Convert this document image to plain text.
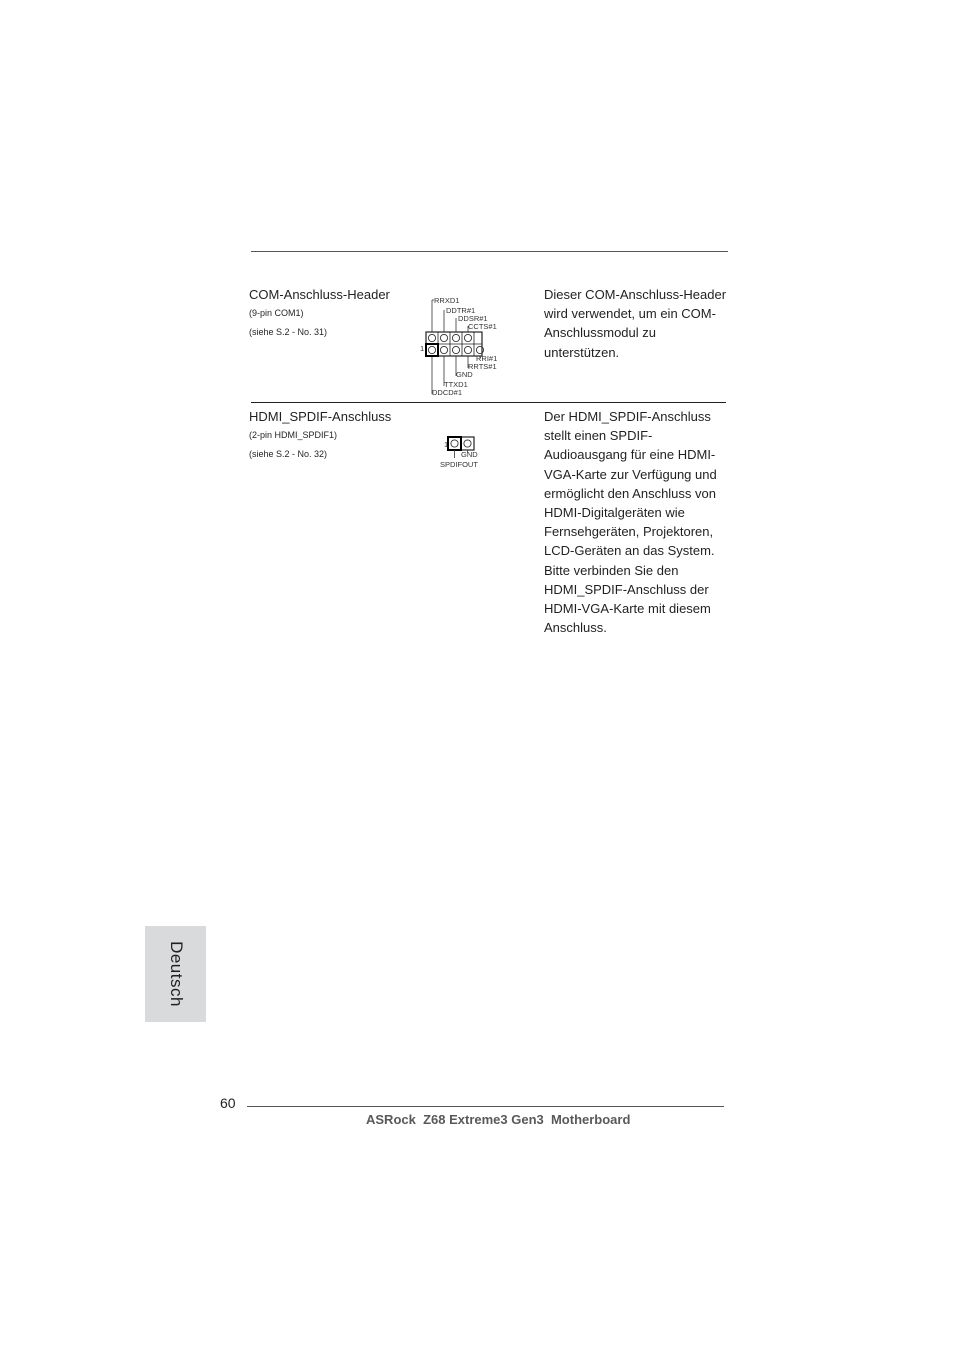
COM-Anschluss-Header
(9-pin COM1)
(siehe S.2 - No. 31)
1
RRXD1
DDTR#1
DDSR#1
CCTS#1
RRI#1
RRTS#1
GND
TTXD1
DDCD#1
Dieser COM-Anschluss-Header wird verwendet, um ein COM-Anschlussmodul zu unterstützen.
HDMI_SPDIF-Anschluss
(2-pin HDMI_SPDIF1)
(siehe S.2 - No. 32)
1
GND
SPDIFOUT
Der HDMI_SPDIF-Anschluss stellt einen SPDIF-Audioausgang für eine HDMI-VGA-Karte zur Verfügung und ermöglicht den Anschluss von HDMI-Digitalgeräten wie Fernsehgeräten, Projektoren, LCD-Geräten an das System. Bitte verbinden Sie den HDMI_SPDIF-Anschluss der HDMI-VGA-Karte mit diesem Anschluss.
Deutsch
60
ASRock  Z68 Extreme3 Gen3  Motherboard
